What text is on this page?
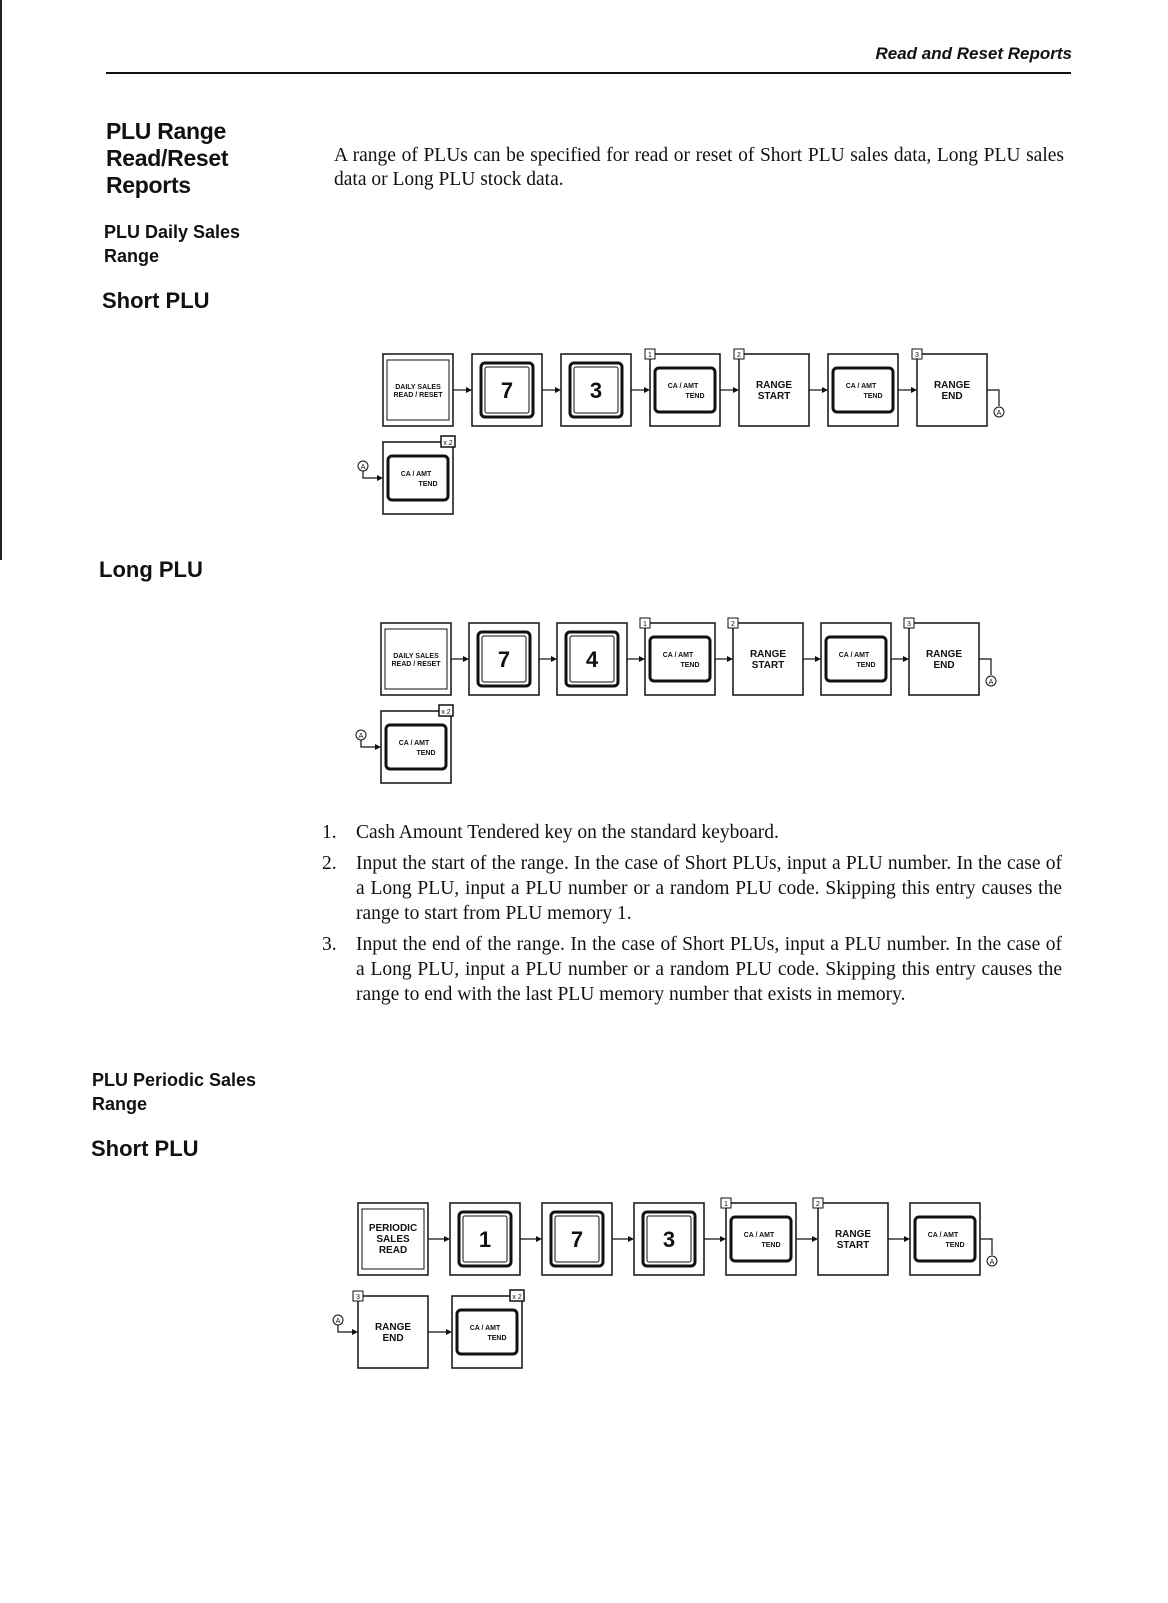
Read and Reset Reports
PLU Range
Read/Reset
Reports
PLU Daily Sales
Range
Short PLU
Long PLU
PLU Periodic Sales
Range
Short PLU

A range of PLUs can be specified for read or reset of Short PLU sales data, Long PLU sales data or Long PLU stock data.

DAILY SALES
READ / RESET	7	3	CA / AMT
TEND
1
RANGE
START
2
CA / AMT
TEND
RANGE
END
3
A
A
CA / AMT
TEND
x 2
DAILY SALES
READ / RESET	7	4	CA / AMT
TEND
1
RANGE
START
2
CA / AMT
TEND
RANGE
END
3
A
A
CA / AMT
TEND
x 2
PERIODIC
SALES
READ	1	7	3	CA / AMT
TEND
1
RANGE
START
2
CA / AMT
TEND
A
A
RANGE
END
3
CA / AMT
TEND
x 2
1. Cash Amount Tendered key on the standard keyboard.
2. Input the start of the range. In the case of Short PLUs, input a PLU number. In the case of a Long PLU, input a PLU number or a random PLU code. Skipping this entry causes the range to start from PLU memory 1.
3. Input the end of the range. In the case of Short PLUs, input a PLU number. In the case of a Long PLU, input a PLU number or a random PLU code. Skipping this entry causes the range to end with the last PLU memory number that exists in memory.
